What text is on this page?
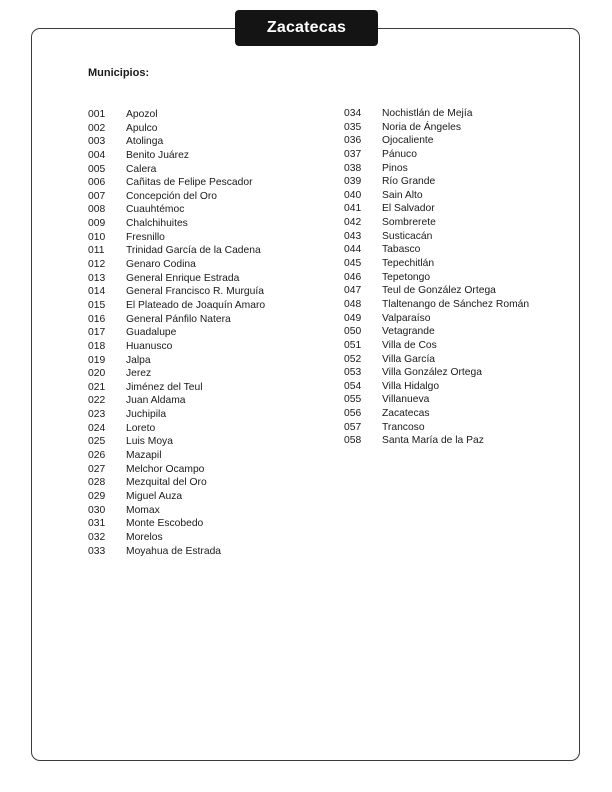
Zacatecas
Municipios:
001 Apozol
002 Apulco
003 Atolinga
004 Benito Juárez
005 Calera
006 Cañitas de Felipe Pescador
007 Concepción del Oro
008 Cuauhtémoc
009 Chalchihuites
010 Fresnillo
011 Trinidad García de la Cadena
012 Genaro Codina
013 General Enrique Estrada
014 General Francisco R. Murguía
015 El Plateado de Joaquín Amaro
016 General Pánfilo Natera
017 Guadalupe
018 Huanusco
019 Jalpa
020 Jerez
021 Jiménez del Teul
022 Juan Aldama
023 Juchipila
024 Loreto
025 Luis Moya
026 Mazapil
027 Melchor Ocampo
028 Mezquital del Oro
029 Miguel Auza
030 Momax
031 Monte Escobedo
032 Morelos
033 Moyahua de Estrada
034 Nochistlán de Mejía
035 Noria de Ángeles
036 Ojocaliente
037 Pánuco
038 Pinos
039 Río Grande
040 Sain Alto
041 El Salvador
042 Sombrerete
043 Susticacán
044 Tabasco
045 Tepechitlán
046 Tepetongo
047 Teul de González Ortega
048 Tlaltenango de Sánchez Román
049 Valparaíso
050 Vetagrande
051 Villa de Cos
052 Villa García
053 Villa González Ortega
054 Villa Hidalgo
055 Villanueva
056 Zacatecas
057 Trancoso
058 Santa María de la Paz
